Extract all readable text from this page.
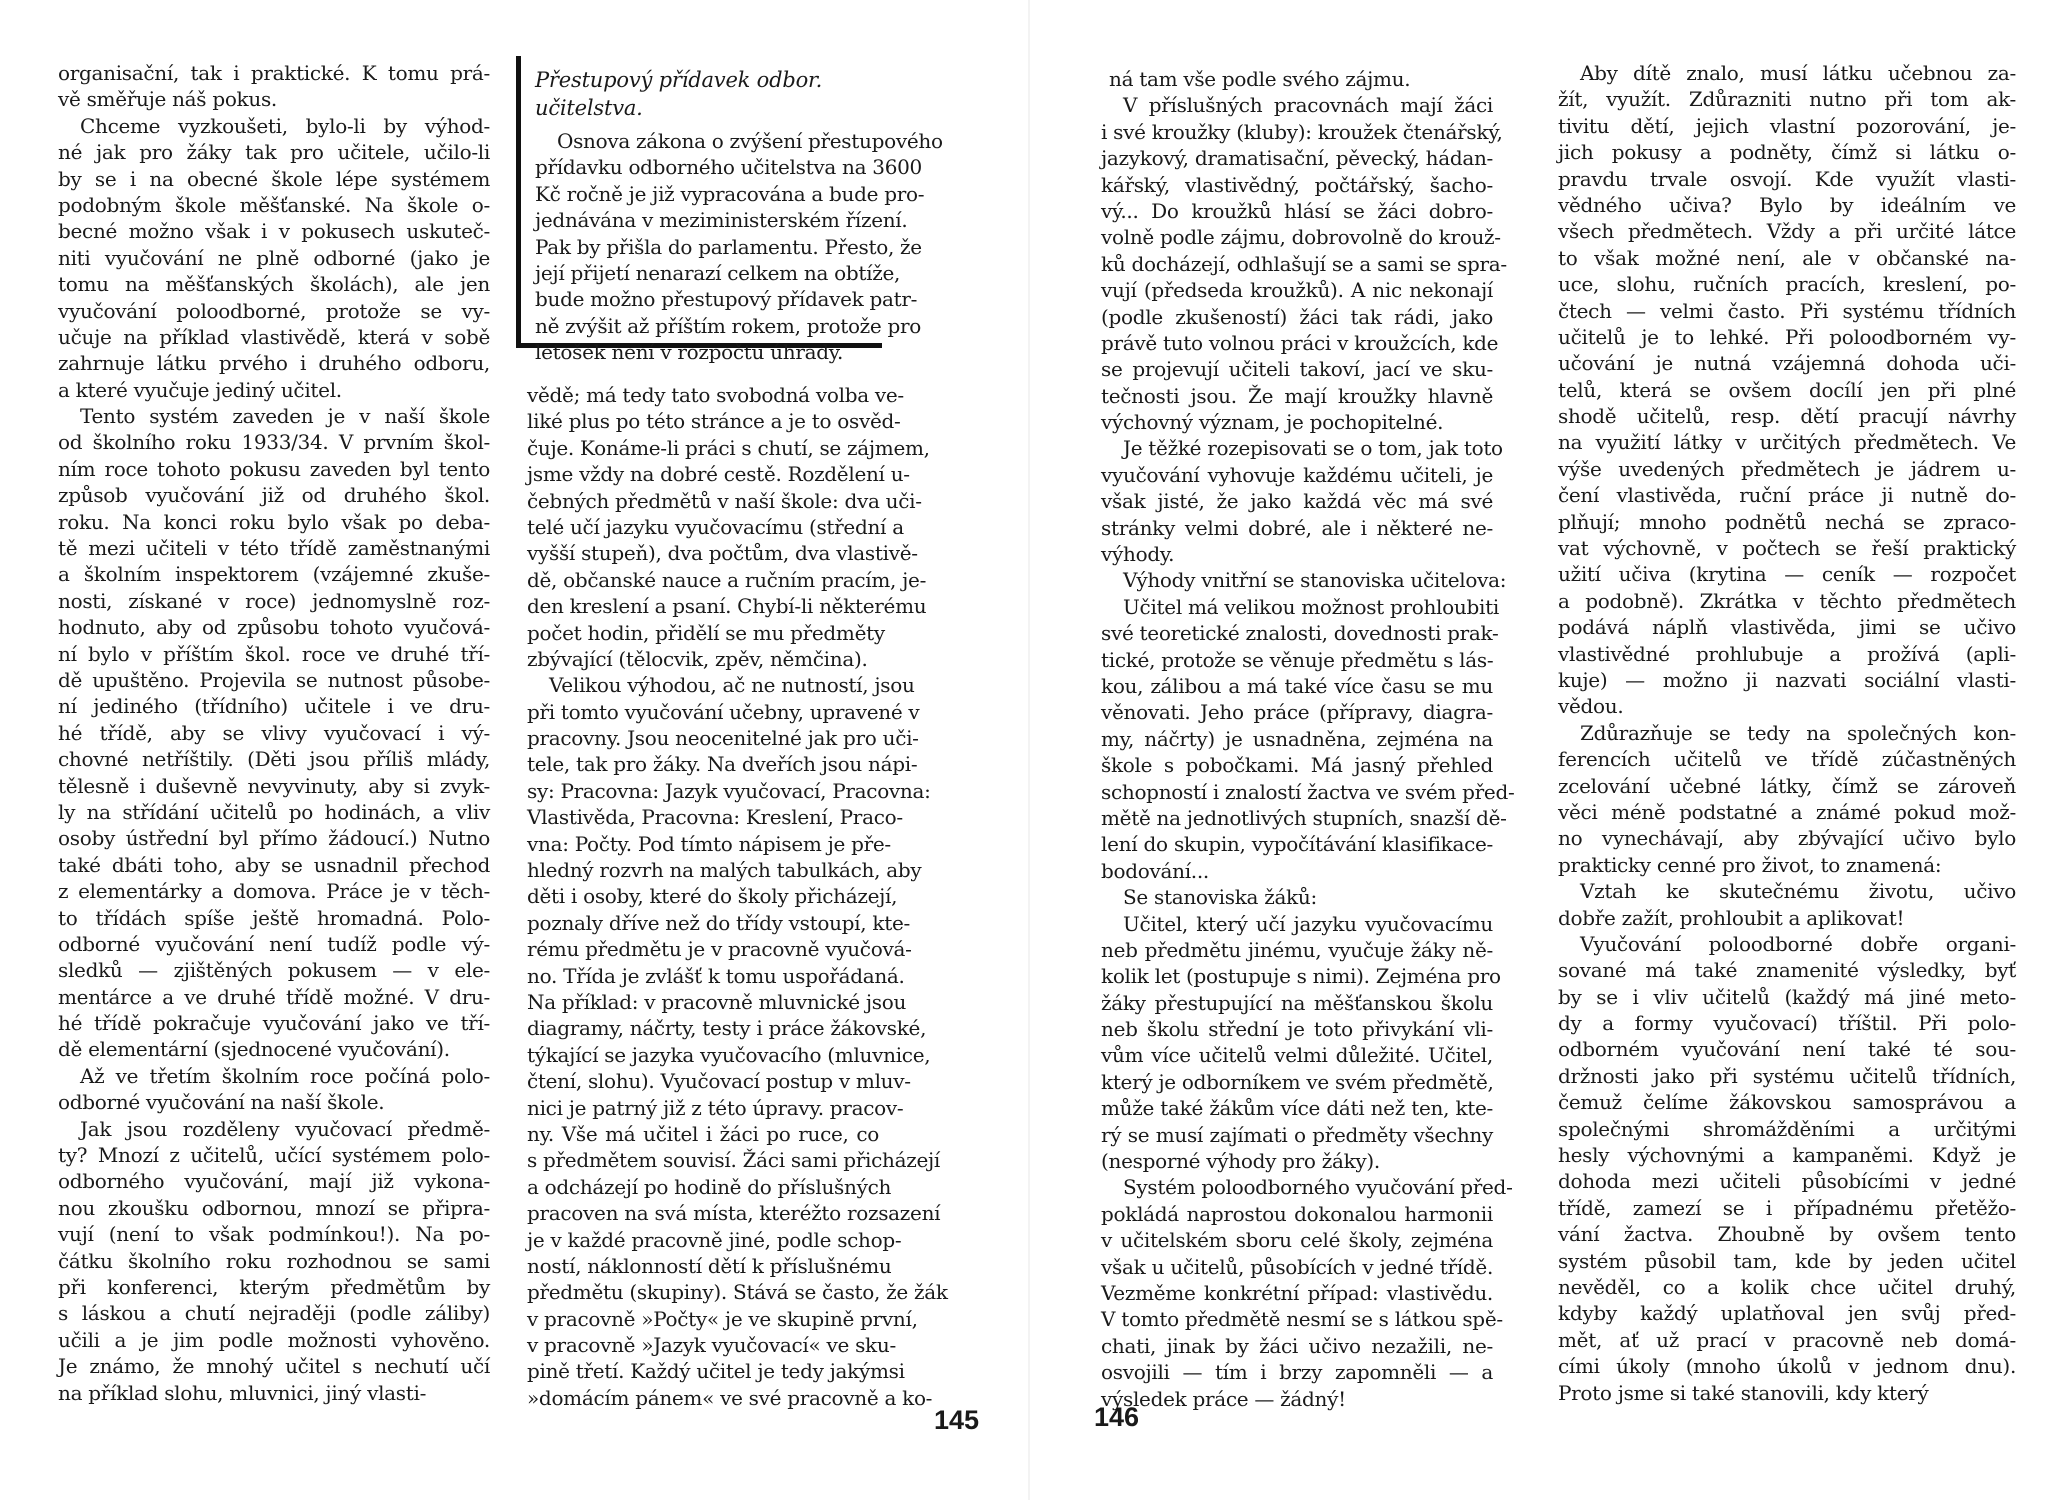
organisační, tak i praktické. K tomu prá-
vě směřuje náš pokus.
Chceme vyzkoušeti, bylo-li by výhod-
né jak pro žáky tak pro učitele, učilo-li
by se i na obecné škole lépe systémem
podobným škole měšťanské. Na škole o-
becné možno však i v pokusech uskuteč-
niti vyučování ne plně odborné (jako je
tomu na měšťanských školách), ale jen
vyučování poloodborné, protože se vy-
učuje na příklad vlastivědě, která v sobě
zahrnuje látku prvého i druhého odboru,
a které vyučuje jediný učitel.
Tento systém zaveden je v naší škole
od školního roku 1933/34. V prvním škol-
ním roce tohoto pokusu zaveden byl tento
způsob vyučování již od druhého škol.
roku. Na konci roku bylo však po deba-
tě mezi učiteli v této třídě zaměstnanými
a školním inspektorem (vzájemné zkuše-
nosti, získané v roce) jednomyslně roz-
hodnuto, aby od způsobu tohoto vyučová-
ní bylo v příštím škol. roce ve druhé tří-
dě upuštěno. Projevila se nutnost působe-
ní jediného (třídního) učitele i ve dru-
hé třídě, aby se vlivy vyučovací i vý-
chovné netříštily. (Děti jsou příliš mlády,
tělesně i duševně nevyvinuty, aby si zvyk-
ly na střídání učitelů po hodinách, a vliv
osoby ústřední byl přímo žádoucí.) Nutno
také dbáti toho, aby se usnadnil přechod
z elementárky a domova. Práce je v těch-
to třídách spíše ještě hromadná. Polo-
odborné vyučování není tudíž podle vý-
sledků — zjištěných pokusem — v ele-
mentárce a ve druhé třídě možné. V dru-
hé třídě pokračuje vyučování jako ve tří-
dě elementární (sjednocené vyučování).
Až ve třetím školním roce počíná polo-
odborné vyučování na naší škole.
Jak jsou rozděleny vyučovací předmě-
ty? Mnozí z učitelů, učící systémem polo-
odborného vyučování, mají již vykona-
nou zkoušku odbornou, mnozí se připra-
vují (není to však podmínkou!). Na po-
čátku školního roku rozhodnou se sami
při konferenci, kterým předmětům by
s láskou a chutí nejraději (podle záliby)
učili a je jim podle možnosti vyhověno.
Je známo, že mnohý učitel s nechutí učí
na příklad slohu, mluvnici, jiný vlasti-
Přestupový přídavek odbor. učitelstva.
Osnova zákona o zvýšení přestupového
přídavku odborného učitelstva na 3600
Kč ročně je již vypracována a bude pro-
jednávána v meziministerském řízení.
Pak by přišla do parlamentu. Přesto, že
její přijetí nenarazí celkem na obtíže,
bude možno přestupový přídavek patr-
ně zvýšit až příštím rokem, protože pro
letošek není v rozpočtu úhrady.
vědě; má tedy tato svobodná volba ve-
liké plus po této stránce a je to osvěd-
čuje. Konáme-li práci s chutí, se zájmem,
jsme vždy na dobré cestě. Rozdělení u-
čebných předmětů v naší škole: dva uči-
telé učí jazyku vyučovacímu (střední a
vyšší stupeň), dva počtům, dva vlastivě-
dě, občanské nauce a ručním pracím, je-
den kreslení a psaní. Chybí-li některému
počet hodin, přidělí se mu předměty
zbývající (tělocvik, zpěv, němčina).
Velikou výhodou, ač ne nutností, jsou
při tomto vyučování učebny, upravené v
pracovny. Jsou neocenitelné jak pro uči-
tele, tak pro žáky. Na dveřích jsou nápi-
sy: Pracovna: Jazyk vyučovací, Pracovna:
Vlastivěda, Pracovna: Kreslení, Praco-
vna: Počty. Pod tímto nápisem je pře-
hledný rozvrh na malých tabulkách, aby
děti i osoby, které do školy přicházejí,
poznaly dříve než do třídy vstoupí, kte-
rému předmětu je v pracovně vyučová-
no. Třída je zvlášť k tomu uspořádaná.
Na příklad: v pracovně mluvnické jsou
diagramy, náčrty, testy i práce žákovské,
týkající se jazyka vyučovacího (mluvnice,
čtení, slohu). Vyučovací postup v mluv-
nici je patrný již z této úpravy. pracov-
ny. Vše má učitel i žáci po ruce, co
s předmětem souvisí. Žáci sami přicházejí
a odcházejí po hodině do příslušných
pracoven na svá místa, kteréžto rozsazení
je v každé pracovně jiné, podle schop-
ností, náklonností dětí k příslušnému
předmětu (skupiny). Stává se často, že žák
v pracovně »Počty« je ve skupině první,
v pracovně »Jazyk vyučovací« ve sku-
pině třetí. Každý učitel je tedy jakýmsi
»domácím pánem« ve své pracovně a ko-
ná tam vše podle svého zájmu.
V příslušných pracovnách mají žáci
i své kroužky (kluby): kroužek čtenářský,
jazykový, dramatisační, pěvecký, hádan-
kářský, vlastivědný, počtářský, šacho-
vý... Do kroužků hlásí se žáci dobro-
volně podle zájmu, dobrovolně do krouž-
ků docházejí, odhlašují se a sami se spra-
vují (předseda kroužků). A nic nekonají
(podle zkušeností) žáci tak rádi, jako
právě tuto volnou práci v kroužcích, kde
se projevují učiteli takoví, jací ve sku-
tečnosti jsou. Že mají kroužky hlavně
výchovný význam, je pochopitelné.
Je těžké rozepisovati se o tom, jak toto
vyučování vyhovuje každému učiteli, je
však jisté, že jako každá věc má své
stránky velmi dobré, ale i některé ne-
výhody.
Výhody vnitřní se stanoviska učitelova:
Učitel má velikou možnost prohloubiti
své teoretické znalosti, dovednosti prak-
tické, protože se věnuje předmětu s lás-
kou, zálibou a má také více času se mu
věnovati. Jeho práce (přípravy, diagra-
my, náčrty) je usnadněna, zejména na
škole s pobočkami. Má jasný přehled
schopností i znalostí žactva ve svém před-
mětě na jednotlivých stupních, snazší dě-
lení do skupin, vypočítávání klasifikace-
bodování...
Se stanoviska žáků:
Učitel, který učí jazyku vyučovacímu
neb předmětu jinému, vyučuje žáky ně-
kolik let (postupuje s nimi). Zejména pro
žáky přestupující na měšťanskou školu
neb školu střední je toto přivykání vli-
vům více učitelů velmi důležité. Učitel,
který je odborníkem ve svém předmětě,
může také žákům více dáti než ten, kte-
rý se musí zajímati o předměty všechny
(nesporné výhody pro žáky).
Systém poloodborného vyučování před-
pokládá naprostou dokonalou harmonii
v učitelském sboru celé školy, zejména
však u učitelů, působících v jedné třídě.
Vezměme konkrétní případ: vlastivědu.
V tomto předmětě nesmí se s látkou spě-
chati, jinak by žáci učivo nezažili, ne-
osvojili — tím i brzy zapomněli — a
výsledek práce — žádný!
Aby dítě znalo, musí látku učebnou za-
žít, využít. Zdůrazniti nutno při tom ak-
tivitu dětí, jejich vlastní pozorování, je-
jich pokusy a podněty, čímž si látku o-
pravdu trvale osvojí. Kde využít vlasti-
vědného učiva? Bylo by ideálním ve
všech předmětech. Vždy a při určité látce
to však možné není, ale v občanské na-
uce, slohu, ručních pracích, kreslení, po-
čtech — velmi často. Při systému třídních
učitelů je to lehké. Při poloodborném vy-
učování je nutná vzájemná dohoda uči-
telů, která se ovšem docílí jen při plné
shodě učitelů, resp. dětí pracují návrhy
na využití látky v určitých předmětech. Ve
výše uvedených předmětech je jádrem u-
čení vlastivěda, ruční práce ji nutně do-
plňují; mnoho podnětů nechá se zpraco-
vat výchovně, v počtech se řeší praktický
užití učiva (krytina — ceník — rozpočet
a podobně). Zkrátka v těchto předmětech
podává náplň vlastivěda, jimi se učivo
vlastivědné prohlubuje a prožívá (apli-
kuje) — možno ji nazvati sociální vlasti-
vědou.
Zdůrazňuje se tedy na společných kon-
ferencích učitelů ve třídě zúčastněných
zcelování učebné látky, čímž se zároveň
věci méně podstatné a známé pokud mož-
no vynechávají, aby zbývající učivo bylo
prakticky cenné pro život, to znamená:
Vztah ke skutečnému životu, učivo
dobře zažít, prohloubit a aplikovat!
Vyučování poloodborné dobře organi-
sované má také znamenité výsledky, byť
by se i vliv učitelů (každý má jiné meto-
dy a formy vyučovací) tříštil. Při polo-
odborném vyučování není také té sou-
držnosti jako při systému učitelů třídních,
čemuž čelíme žákovskou samosprávou a
společnými shromážděními a určitými
hesly výchovnými a kampaněmi. Když je
dohoda mezi učiteli působícími v jedné
třídě, zamezí se i případnému přetěžo-
vání žactva. Zhoubně by ovšem tento
systém působil tam, kde by jeden učitel
nevěděl, co a kolik chce učitel druhý,
kdyby každý uplatňoval jen svůj před-
mět, ať už prací v pracovně neb domá-
cími úkoly (mnoho úkolů v jednom dnu).
Proto jsme si také stanovili, kdy který
145	146
